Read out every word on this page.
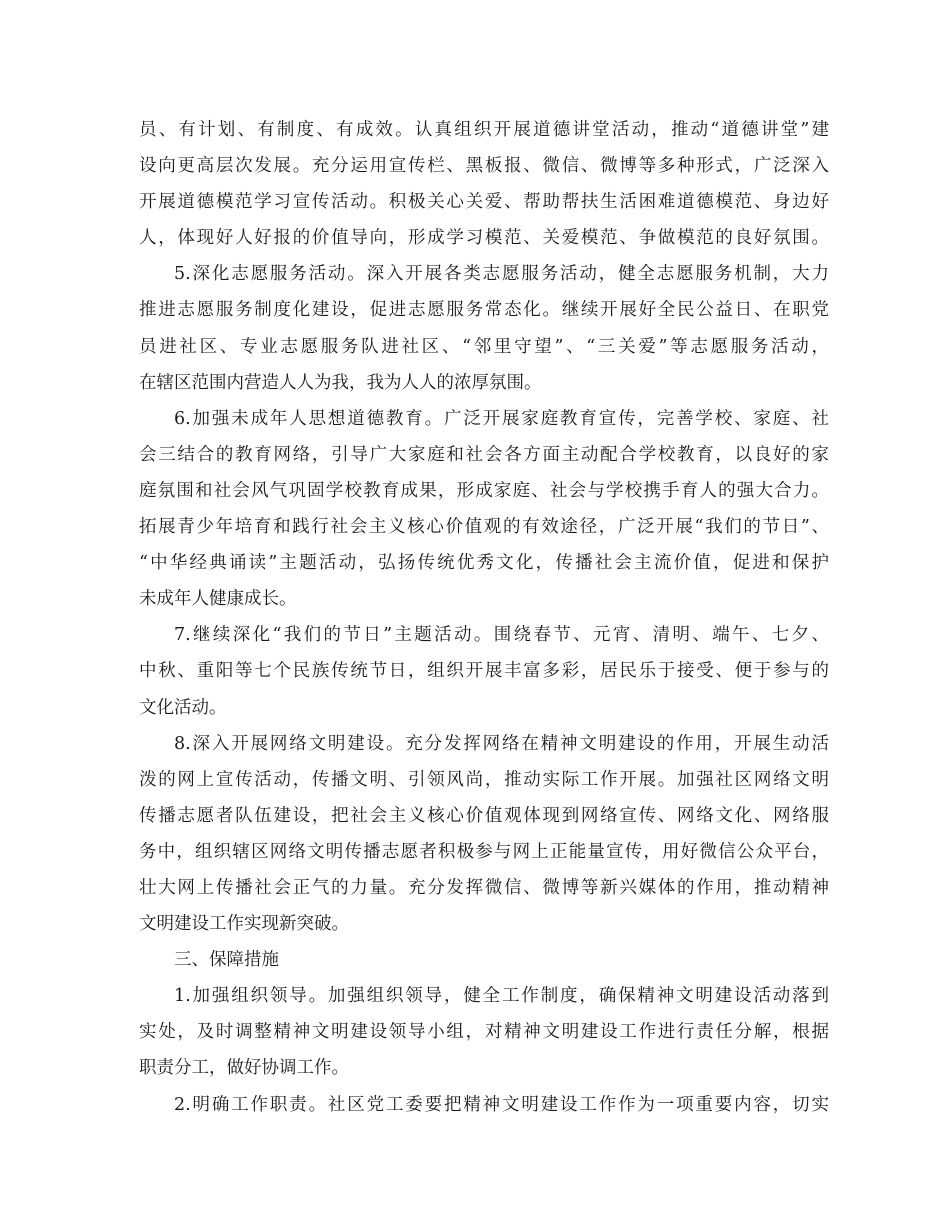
员、有计划、有制度、有成效。认真组织开展道德讲堂活动，推动“道德讲堂”建
设向更高层次发展。充分运用宣传栏、黑板报、微信、微博等多种形式，广泛深入
开展道德模范学习宣传活动。积极关心关爱、帮助帮扶生活困难道德模范、身边好
人，体现好人好报的价值导向，形成学习模范、关爱模范、争做模范的良好氛围。
5.深化志愿服务活动。深入开展各类志愿服务活动，健全志愿服务机制，大力
推进志愿服务制度化建设，促进志愿服务常态化。继续开展好全民公益日、在职党
员进社区、专业志愿服务队进社区、“邻里守望”、“三关爱”等志愿服务活动，
在辖区范围内营造人人为我，我为人人的浓厚氛围。
6.加强未成年人思想道德教育。广泛开展家庭教育宣传，完善学校、家庭、社
会三结合的教育网络，引导广大家庭和社会各方面主动配合学校教育，以良好的家
庭氛围和社会风气巩固学校教育成果，形成家庭、社会与学校携手育人的强大合力。
拓展青少年培育和践行社会主义核心价值观的有效途径，广泛开展“我们的节日”、
“中华经典诵读”主题活动，弘扬传统优秀文化，传播社会主流价值，促进和保护
未成年人健康成长。
7.继续深化“我们的节日”主题活动。围绕春节、元宵、清明、端午、七夕、
中秋、重阳等七个民族传统节日，组织开展丰富多彩，居民乐于接受、便于参与的
文化活动。
8.深入开展网络文明建设。充分发挥网络在精神文明建设的作用，开展生动活
泼的网上宣传活动，传播文明、引领风尚，推动实际工作开展。加强社区网络文明
传播志愿者队伍建设，把社会主义核心价值观体现到网络宣传、网络文化、网络服
务中，组织辖区网络文明传播志愿者积极参与网上正能量宣传，用好微信公众平台，
壮大网上传播社会正气的力量。充分发挥微信、微博等新兴媒体的作用，推动精神
文明建设工作实现新突破。
三、保障措施
1.加强组织领导。加强组织领导，健全工作制度，确保精神文明建设活动落到
实处，及时调整精神文明建设领导小组，对精神文明建设工作进行责任分解，根据
职责分工，做好协调工作。
2.明确工作职责。社区党工委要把精神文明建设工作作为一项重要内容，切实
